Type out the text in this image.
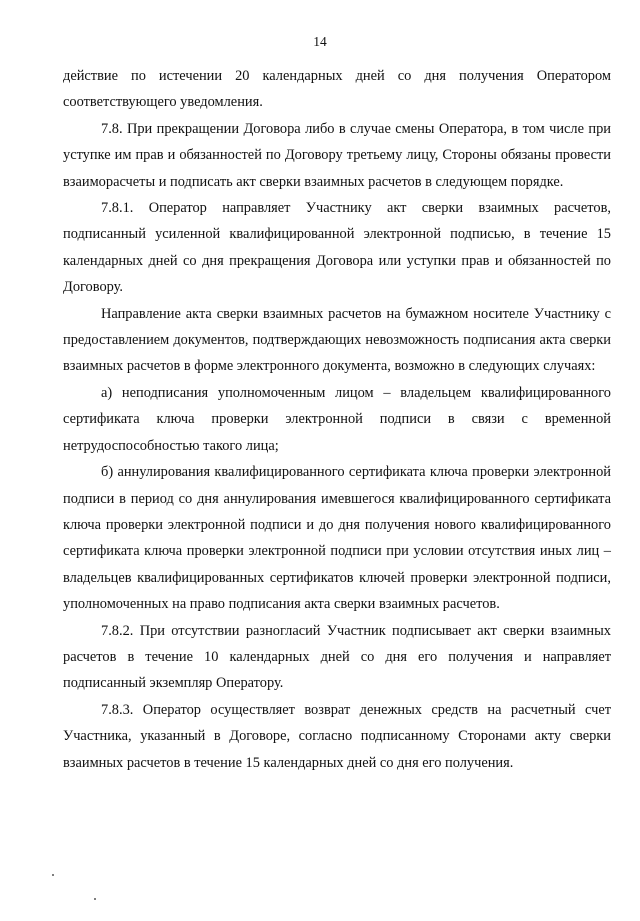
14

действие по истечении 20 календарных дней со дня получения Оператором соответствующего уведомления.

7.8. При прекращении Договора либо в случае смены Оператора, в том числе при уступке им прав и обязанностей по Договору третьему лицу, Стороны обязаны провести взаиморасчеты и подписать акт сверки взаимных расчетов в следующем порядке.

7.8.1. Оператор направляет Участнику акт сверки взаимных расчетов, подписанный усиленной квалифицированной электронной подписью, в течение 15 календарных дней со дня прекращения Договора или уступки прав и обязанностей по Договору.

Направление акта сверки взаимных расчетов на бумажном носителе Участнику с предоставлением документов, подтверждающих невозможность подписания акта сверки взаимных расчетов в форме электронного документа, возможно в следующих случаях:

а) неподписания уполномоченным лицом – владельцем квалифицированного сертификата ключа проверки электронной подписи в связи с временной нетрудоспособностью такого лица;

б) аннулирования квалифицированного сертификата ключа проверки электронной подписи в период со дня аннулирования имевшегося квалифицированного сертификата ключа проверки электронной подписи и до дня получения нового квалифицированного сертификата ключа проверки электронной подписи при условии отсутствия иных лиц – владельцев квалифицированных сертификатов ключей проверки электронной подписи, уполномоченных на право подписания акта сверки взаимных расчетов.

7.8.2. При отсутствии разногласий Участник подписывает акт сверки взаимных расчетов в течение 10 календарных дней со дня его получения и направляет подписанный экземпляр Оператору.

7.8.3. Оператор осуществляет возврат денежных средств на расчетный счет Участника, указанный в Договоре, согласно подписанному Сторонами акту сверки взаимных расчетов в течение 15 календарных дней со дня его получения.
